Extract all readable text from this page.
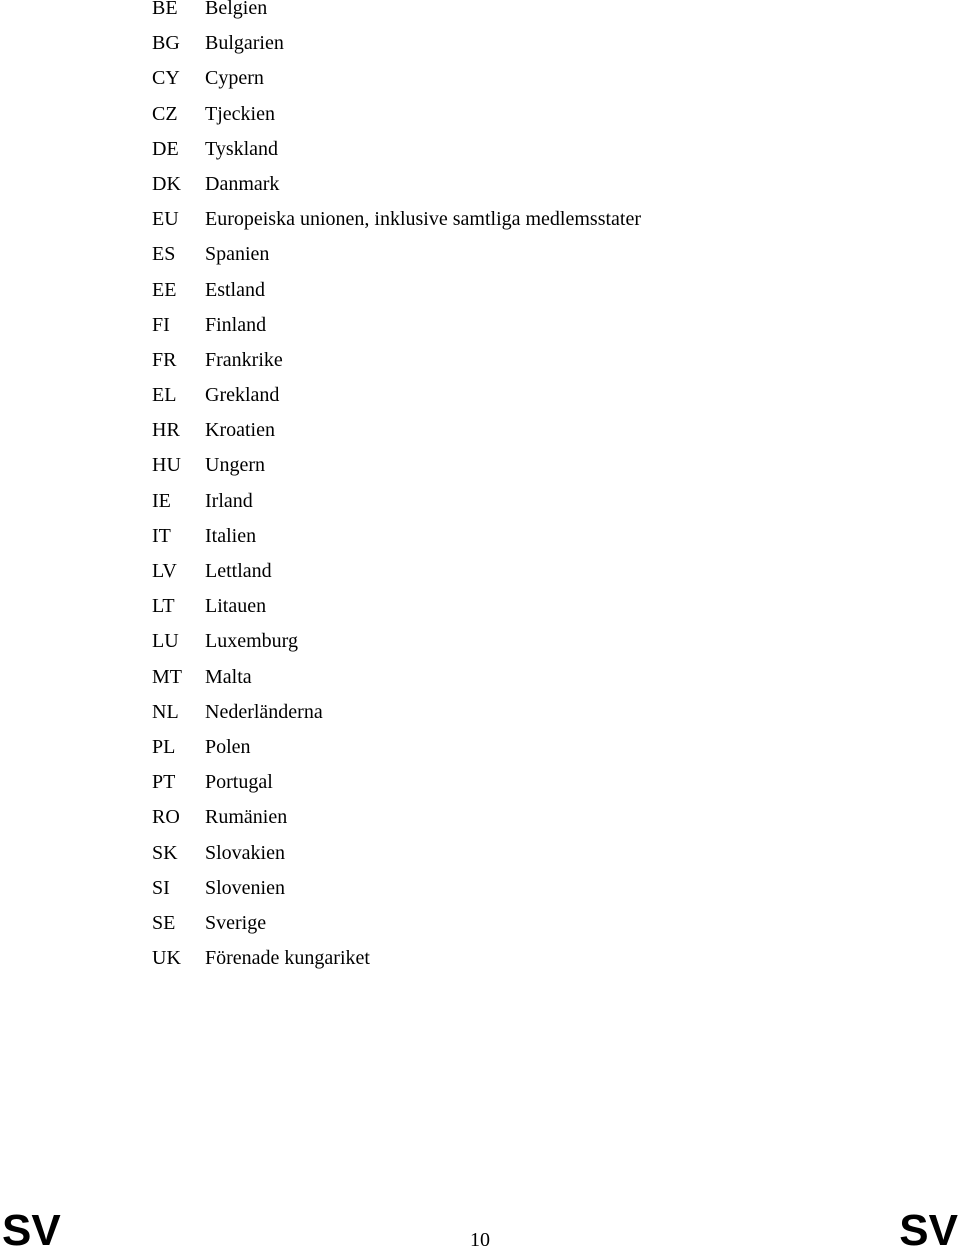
BE	Belgien
BG	Bulgarien
CY	Cypern
CZ	Tjeckien
DE	Tyskland
DK	Danmark
EU	Europeiska unionen, inklusive samtliga medlemsstater
ES	Spanien
EE	Estland
FI	Finland
FR	Frankrike
EL	Grekland
HR	Kroatien
HU	Ungern
IE	Irland
IT	Italien
LV	Lettland
LT	Litauen
LU	Luxemburg
MT	Malta
NL	Nederländerna
PL	Polen
PT	Portugal
RO	Rumänien
SK	Slovakien
SI	Slovenien
SE	Sverige
UK	Förenade kungariket
SV	10	SV
